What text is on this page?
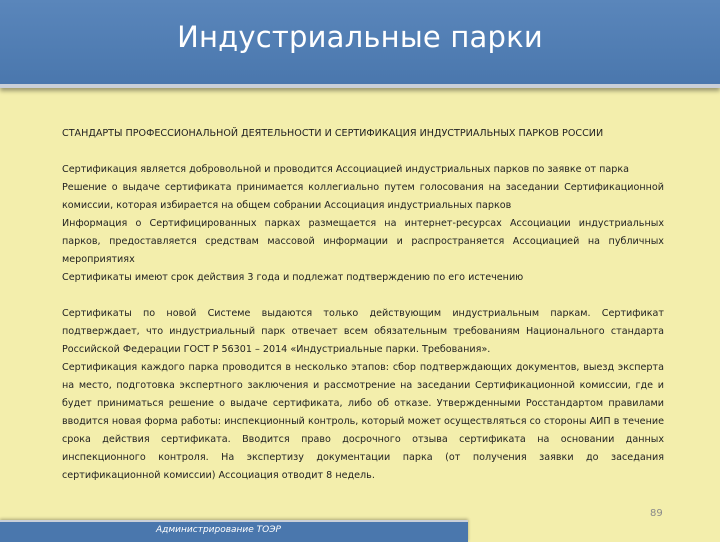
Индустриальные парки

СТАНДАРТЫ ПРОФЕССИОНАЛЬНОЙ ДЕЯТЕЛЬНОСТИ И СЕРТИФИКАЦИЯ ИНДУСТРИАЛЬНЫХ ПАРКОВ РОССИИ

Сертификация является добровольной и проводится Ассоциацией индустриальных парков по заявке от парка

Решение о выдаче сертификата принимается коллегиально путем голосования на заседании Сертификационной комиссии, которая избирается на общем собрании Ассоциация индустриальных парков

Информация о Сертифицированных парках размещается на интернет-ресурсах Ассоциации индустриальных парков, предоставляется средствам массовой информации и распространяется Ассоциацией на публичных мероприятиях

Сертификаты имеют срок действия 3 года и подлежат подтверждению по его истечению

Сертификаты по новой Системе выдаются только действующим индустриальным паркам. Сертификат подтверждает, что индустриальный парк отвечает всем обязательным требованиям Национального стандарта Российской Федерации ГОСТ Р 56301 – 2014 «Индустриальные парки. Требования».

Сертификация каждого парка проводится в несколько этапов: сбор подтверждающих документов, выезд эксперта на место, подготовка экспертного заключения и рассмотрение на заседании Сертификационной комиссии, где и будет приниматься решение о выдаче сертификата, либо об отказе. Утвержденными Росстандартом правилами вводится новая форма работы: инспекционный контроль, который может осуществляться со стороны АИП в течение срока действия сертификата. Вводится право досрочного отзыва сертификата на основании данных инспекционного контроля. На экспертизу документации парка (от получения заявки до заседания сертификационной комиссии) Ассоциация отводит 8 недель.

89
Администрирование ТОЭР
